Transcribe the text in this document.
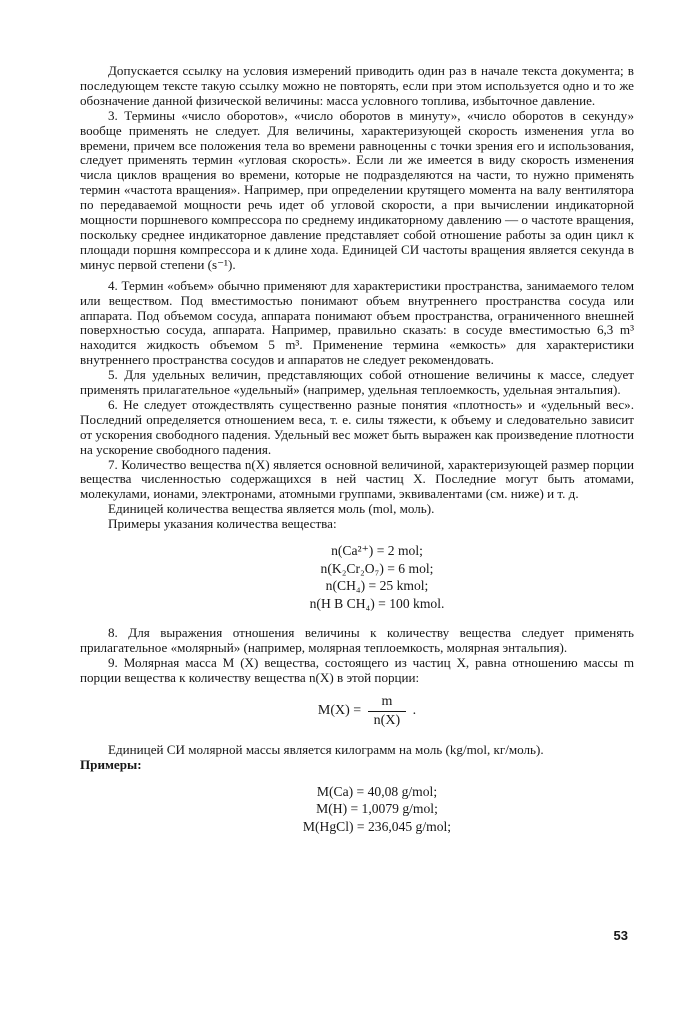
Допускается ссылку на условия измерений приводить один раз в начале текста документа; в последующем тексте такую ссылку можно не повторять, если при этом используется одно и то же обозначение данной физической величины: масса условного топлива, избыточное давление.

3. Термины «число оборотов», «число оборотов в минуту», «число оборотов в секунду» вообще применять не следует. Для величины, характеризующей скорость изменения угла во времени, причем все положения тела во времени равноценны с точки зрения его и использования, следует применять термин «угловая скорость». Если ли же имеется в виду скорость изменения числа циклов вращения во времени, которые не подразделяются на части, то нужно применять термин «частота вращения». Например, при определении крутящего момента на валу вентилятора по передаваемой мощности речь идет об угловой скорости, а при вычислении индикаторной мощности поршневого компрессора по среднему индикаторному давлению — о частоте вращения, поскольку среднее индикаторное давление представляет собой отношение работы за один цикл к площади поршня компрессора и к длине хода. Единицей СИ частоты вращения является секунда в минус первой степени (s⁻¹).

4. Термин «объем» обычно применяют для характеристики пространства, занимаемого телом или веществом. Под вместимостью понимают объем внутреннего пространства сосуда или аппарата. Под объемом сосуда, аппарата понимают объем пространства, ограниченного внешней поверхностью сосуда, аппарата. Например, правильно сказать: в сосуде вместимостью 6,3 m³ находится жидкость объемом 5 m³. Применение термина «емкость» для характеристики внутреннего пространства сосудов и аппаратов не следует рекомендовать.

5. Для удельных величин, представляющих собой отношение величины к массе, следует применять прилагательное «удельный» (например, удельная теплоемкость, удельная энтальпия).

6. Не следует отождествлять существенно разные понятия «плотность» и «удельный вес». Последний определяется отношением веса, т. е. силы тяжести, к объему и следовательно зависит от ускорения свободного падения. Удельный вес может быть выражен как произведение плотности на ускорение свободного падения.

7. Количество вещества n(X) является основной величиной, характеризующей размер порции вещества численностью содержащихся в ней частиц X. Последние могут быть атомами, молекулами, ионами, электронами, атомными группами, эквивалентами (см. ниже) и т. д.

Единицей количества вещества является моль (mol, моль).

Примеры указания количества вещества:

n(Ca²⁺) = 2 mol;
n(K₂Cr₂O₇) = 6 mol;
n(CH₄) = 25 kmol;
n(H B CH₄) = 100 kmol.

8. Для выражения отношения величины к количеству вещества следует применять прилагательное «молярный» (например, молярная теплоемкость, молярная энтальпия).

9. Молярная масса M (X) вещества, состоящего из частиц X, равна отношению массы m порции вещества к количеству вещества n(X) в этой порции:

$M(X) = \frac{m}{n(X)}$ .

Единицей СИ молярной массы является килограмм на моль (kg/mol, кг/моль).

Примеры:

M(Ca) = 40,08 g/mol;
M(H) = 1,0079 g/mol;
M(HgCl) = 236,045 g/mol;
53
